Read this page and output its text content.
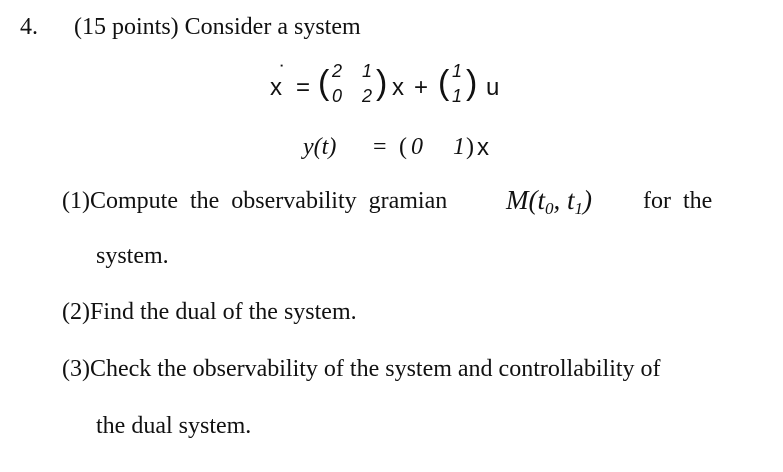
4. (15 points) Consider a system
x
˙
= ( 2 1
0 2 ) x + ( 1
1 ) u
y(t) = ( 0 1 ) x
(1)Compute  the  observability  gramian M(t0, t1) for  the
system.
(2)Find the dual of the system.
(3)Check the observability of the system and controllability of
the dual system.
